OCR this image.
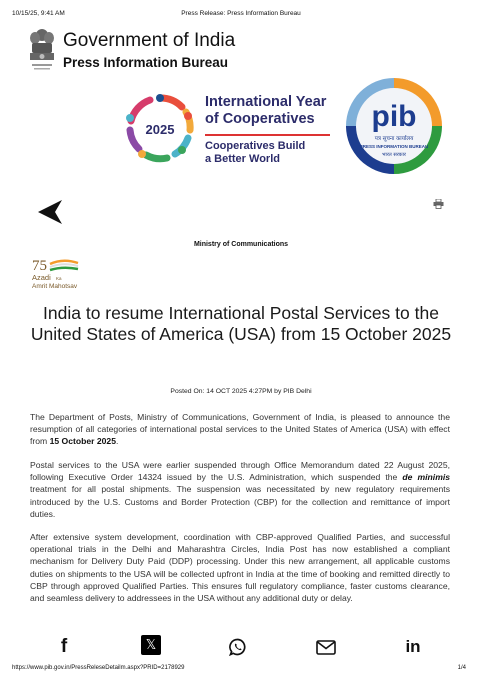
10/15/25, 9:41 AM	Press Release: Press Information Bureau
Government of India
Press Information Bureau
2025
International Year
of Cooperatives
Cooperatives Build
a Better World
pib
पत्र सूचना कार्यालय
PRESS INFORMATION BUREAU
भारत सरकार
Ministry of Communications
75
Azadi Ka
Amrit Mahotsav
India to resume International Postal Services to the United States of America (USA) from 15 October 2025
Posted On: 14 OCT 2025 4:27PM by PIB Delhi

The Department of Posts, Ministry of Communications, Government of India, is pleased to announce the resumption of all categories of international postal services to the United States of America (USA) with effect from 15 October 2025.

Postal services to the USA were earlier suspended through Office Memorandum dated 22 August 2025, following Executive Order 14324 issued by the U.S. Administration, which suspended the de minimis treatment for all postal shipments. The suspension was necessitated by new regulatory requirements introduced by the U.S. Customs and Border Protection (CBP) for the collection and remittance of import duties.

After extensive system development, coordination with CBP-approved Qualified Parties, and successful operational trials in the Delhi and Maharashtra Circles, India Post has now established a compliant mechanism for Delivery Duty Paid (DDP) processing. Under this new arrangement, all applicable customs duties on shipments to the USA will be collected upfront in India at the time of booking and remitted directly to CBP through approved Qualified Parties. This ensures full regulatory compliance, faster customs clearance, and seamless delivery to addressees in the USA without any additional duty or delay.

f	𝕏	in
https://www.pib.gov.in/PressReleseDetailm.aspx?PRID=2178929	1/4
